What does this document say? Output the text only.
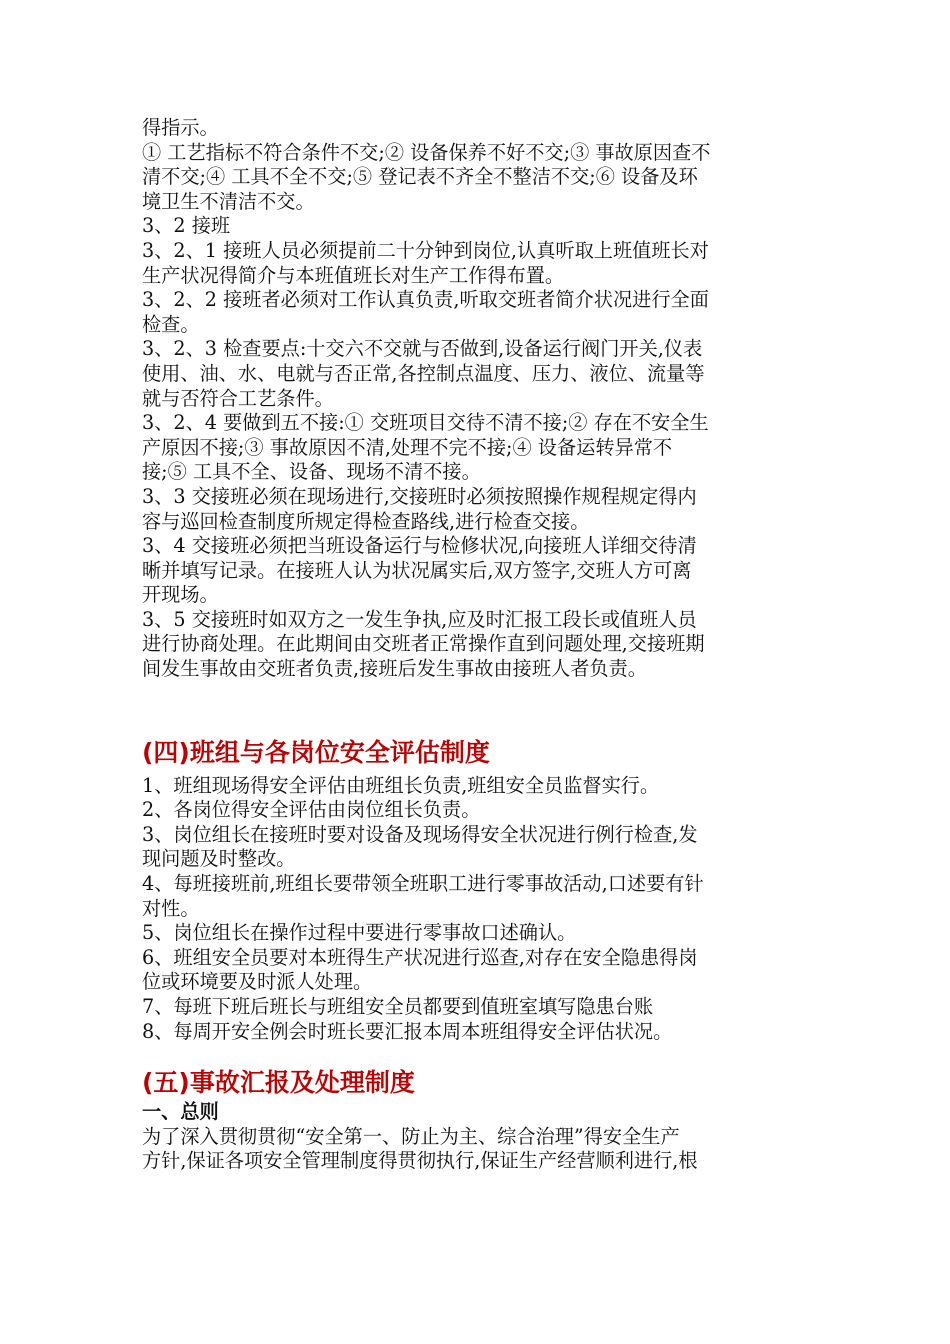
得指示。
① 工艺指标不符合条件不交;② 设备保养不好不交;③ 事故原因查不
清不交;④ 工具不全不交;⑤ 登记表不齐全不整洁不交;⑥ 设备及环
境卫生不清洁不交。
3、2 接班
3、2、1 接班人员必须提前二十分钟到岗位,认真听取上班值班长对
生产状况得简介与本班值班长对生产工作得布置。
3、2、2 接班者必须对工作认真负责,听取交班者简介状况进行全面
检查。
3、2、3 检查要点:十交六不交就与否做到,设备运行阀门开关,仪表
使用、油、水、电就与否正常,各控制点温度、压力、液位、流量等
就与否符合工艺条件。
3、2、4 要做到五不接:① 交班项目交待不清不接;② 存在不安全生
产原因不接;③ 事故原因不清,处理不完不接;④ 设备运转异常不
接;⑤ 工具不全、设备、现场不清不接。
3、3 交接班必须在现场进行,交接班时必须按照操作规程规定得内
容与巡回检查制度所规定得检查路线,进行检查交接。
3、4 交接班必须把当班设备运行与检修状况,向接班人详细交待清
晰并填写记录。在接班人认为状况属实后,双方签字,交班人方可离
开现场。
3、5 交接班时如双方之一发生争执,应及时汇报工段长或值班人员
进行协商处理。在此期间由交班者正常操作直到问题处理,交接班期
间发生事故由交班者负责,接班后发生事故由接班人者负责。
(四)班组与各岗位安全评估制度
1、班组现场得安全评估由班组长负责,班组安全员监督实行。
2、各岗位得安全评估由岗位组长负责。
3、岗位组长在接班时要对设备及现场得安全状况进行例行检查,发
现问题及时整改。
4、每班接班前,班组长要带领全班职工进行零事故活动,口述要有针
对性。
5、岗位组长在操作过程中要进行零事故口述确认。
6、班组安全员要对本班得生产状况进行巡查,对存在安全隐患得岗
位或环境要及时派人处理。
7、每班下班后班长与班组安全员都要到值班室填写隐患台账
8、每周开安全例会时班长要汇报本周本班组得安全评估状况。
(五)事故汇报及处理制度
一、总则
为了深入贯彻贯彻“安全第一、防止为主、综合治理”得安全生产
方针,保证各项安全管理制度得贯彻执行,保证生产经营顺利进行,根
